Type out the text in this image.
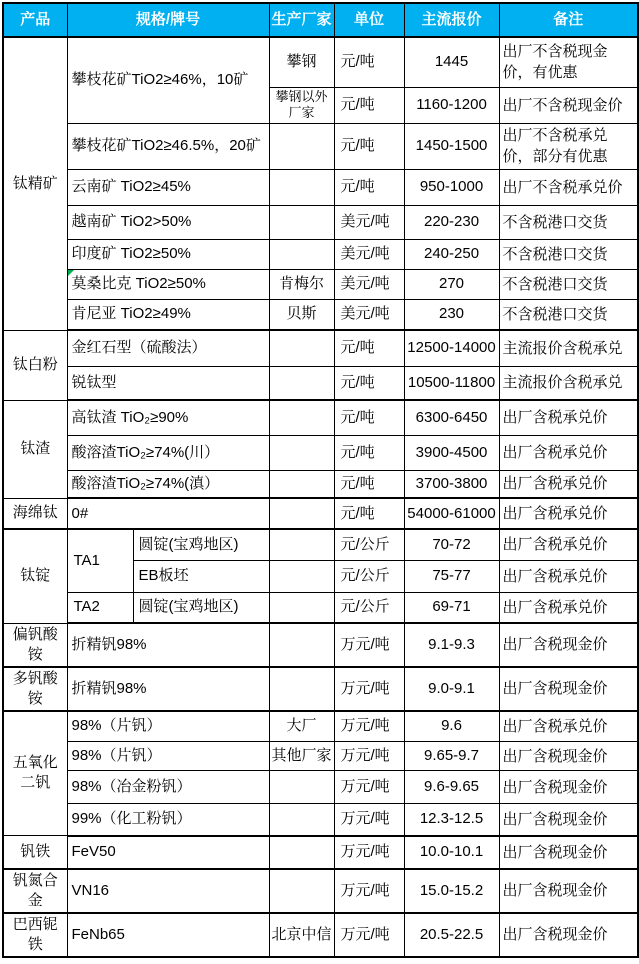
产品	规格/牌号		生产厂家	单位	主流报价	备注
钛精矿	攀枝花矿TiO2≥46%，10矿		攀钢	元/吨	1445	出厂不含税现金价，有优惠
			攀钢以外厂家	元/吨	1160-1200	出厂不含税现金价
	攀枝花矿TiO2≥46.5%，20矿			元/吨	1450-1500	出厂不含税承兑价，部分有优惠
	云南矿 TiO2≥45%			元/吨	950-1000	出厂不含税承兑价
	越南矿 TiO2>50%			美元/吨	220-230	不含税港口交货
	印度矿 TiO2≥50%			美元/吨	240-250	不含税港口交货
	莫桑比克 TiO2≥50%		肯梅尔	美元/吨	270	不含税港口交货
	肯尼亚 TiO2≥49%		贝斯	美元/吨	230	不含税港口交货
钛白粉	金红石型（硫酸法）			元/吨	12500-14000	主流报价含税承兑
	锐钛型			元/吨	10500-11800	主流报价含税承兑
钛渣	高钛渣 TiO₂≥90%			元/吨	6300-6450	出厂含税承兑价
	酸溶渣TiO₂≥74%(川）			元/吨	3900-4500	出厂含税承兑价
	酸溶渣TiO₂≥74%(滇）			元/吨	3700-3800	出厂含税承兑价
海绵钛	0#			元/吨	54000-61000	出厂含税承兑价
钛锭	TA1	圆锭(宝鸡地区)		元/公斤	70-72	出厂含税承兑价
		EB板坯		元/公斤	75-77	出厂含税承兑价
	TA2	圆锭(宝鸡地区)		元/公斤	69-71	出厂含税承兑价
偏钒酸铵	折精钒98%			万元/吨	9.1-9.3	出厂含税现金价
多钒酸铵	折精钒98%			万元/吨	9.0-9.1	出厂含税现金价
五氧化二钒	98%（片钒）		大厂	万元/吨	9.6	出厂含税承兑价
	98%（片钒）		其他厂家	万元/吨	9.65-9.7	出厂含税现金价
	98%（冶金粉钒）			万元/吨	9.6-9.65	出厂含税现金价
	99%（化工粉钒）			万元/吨	12.3-12.5	出厂含税现金价
钒铁	FeV50			万元/吨	10.0-10.1	出厂含税现金价
钒氮合金	VN16			万元/吨	15.0-15.2	出厂含税现金价
巴西铌铁	FeNb65		北京中信	万元/吨	20.5-22.5	出厂含税现金价
